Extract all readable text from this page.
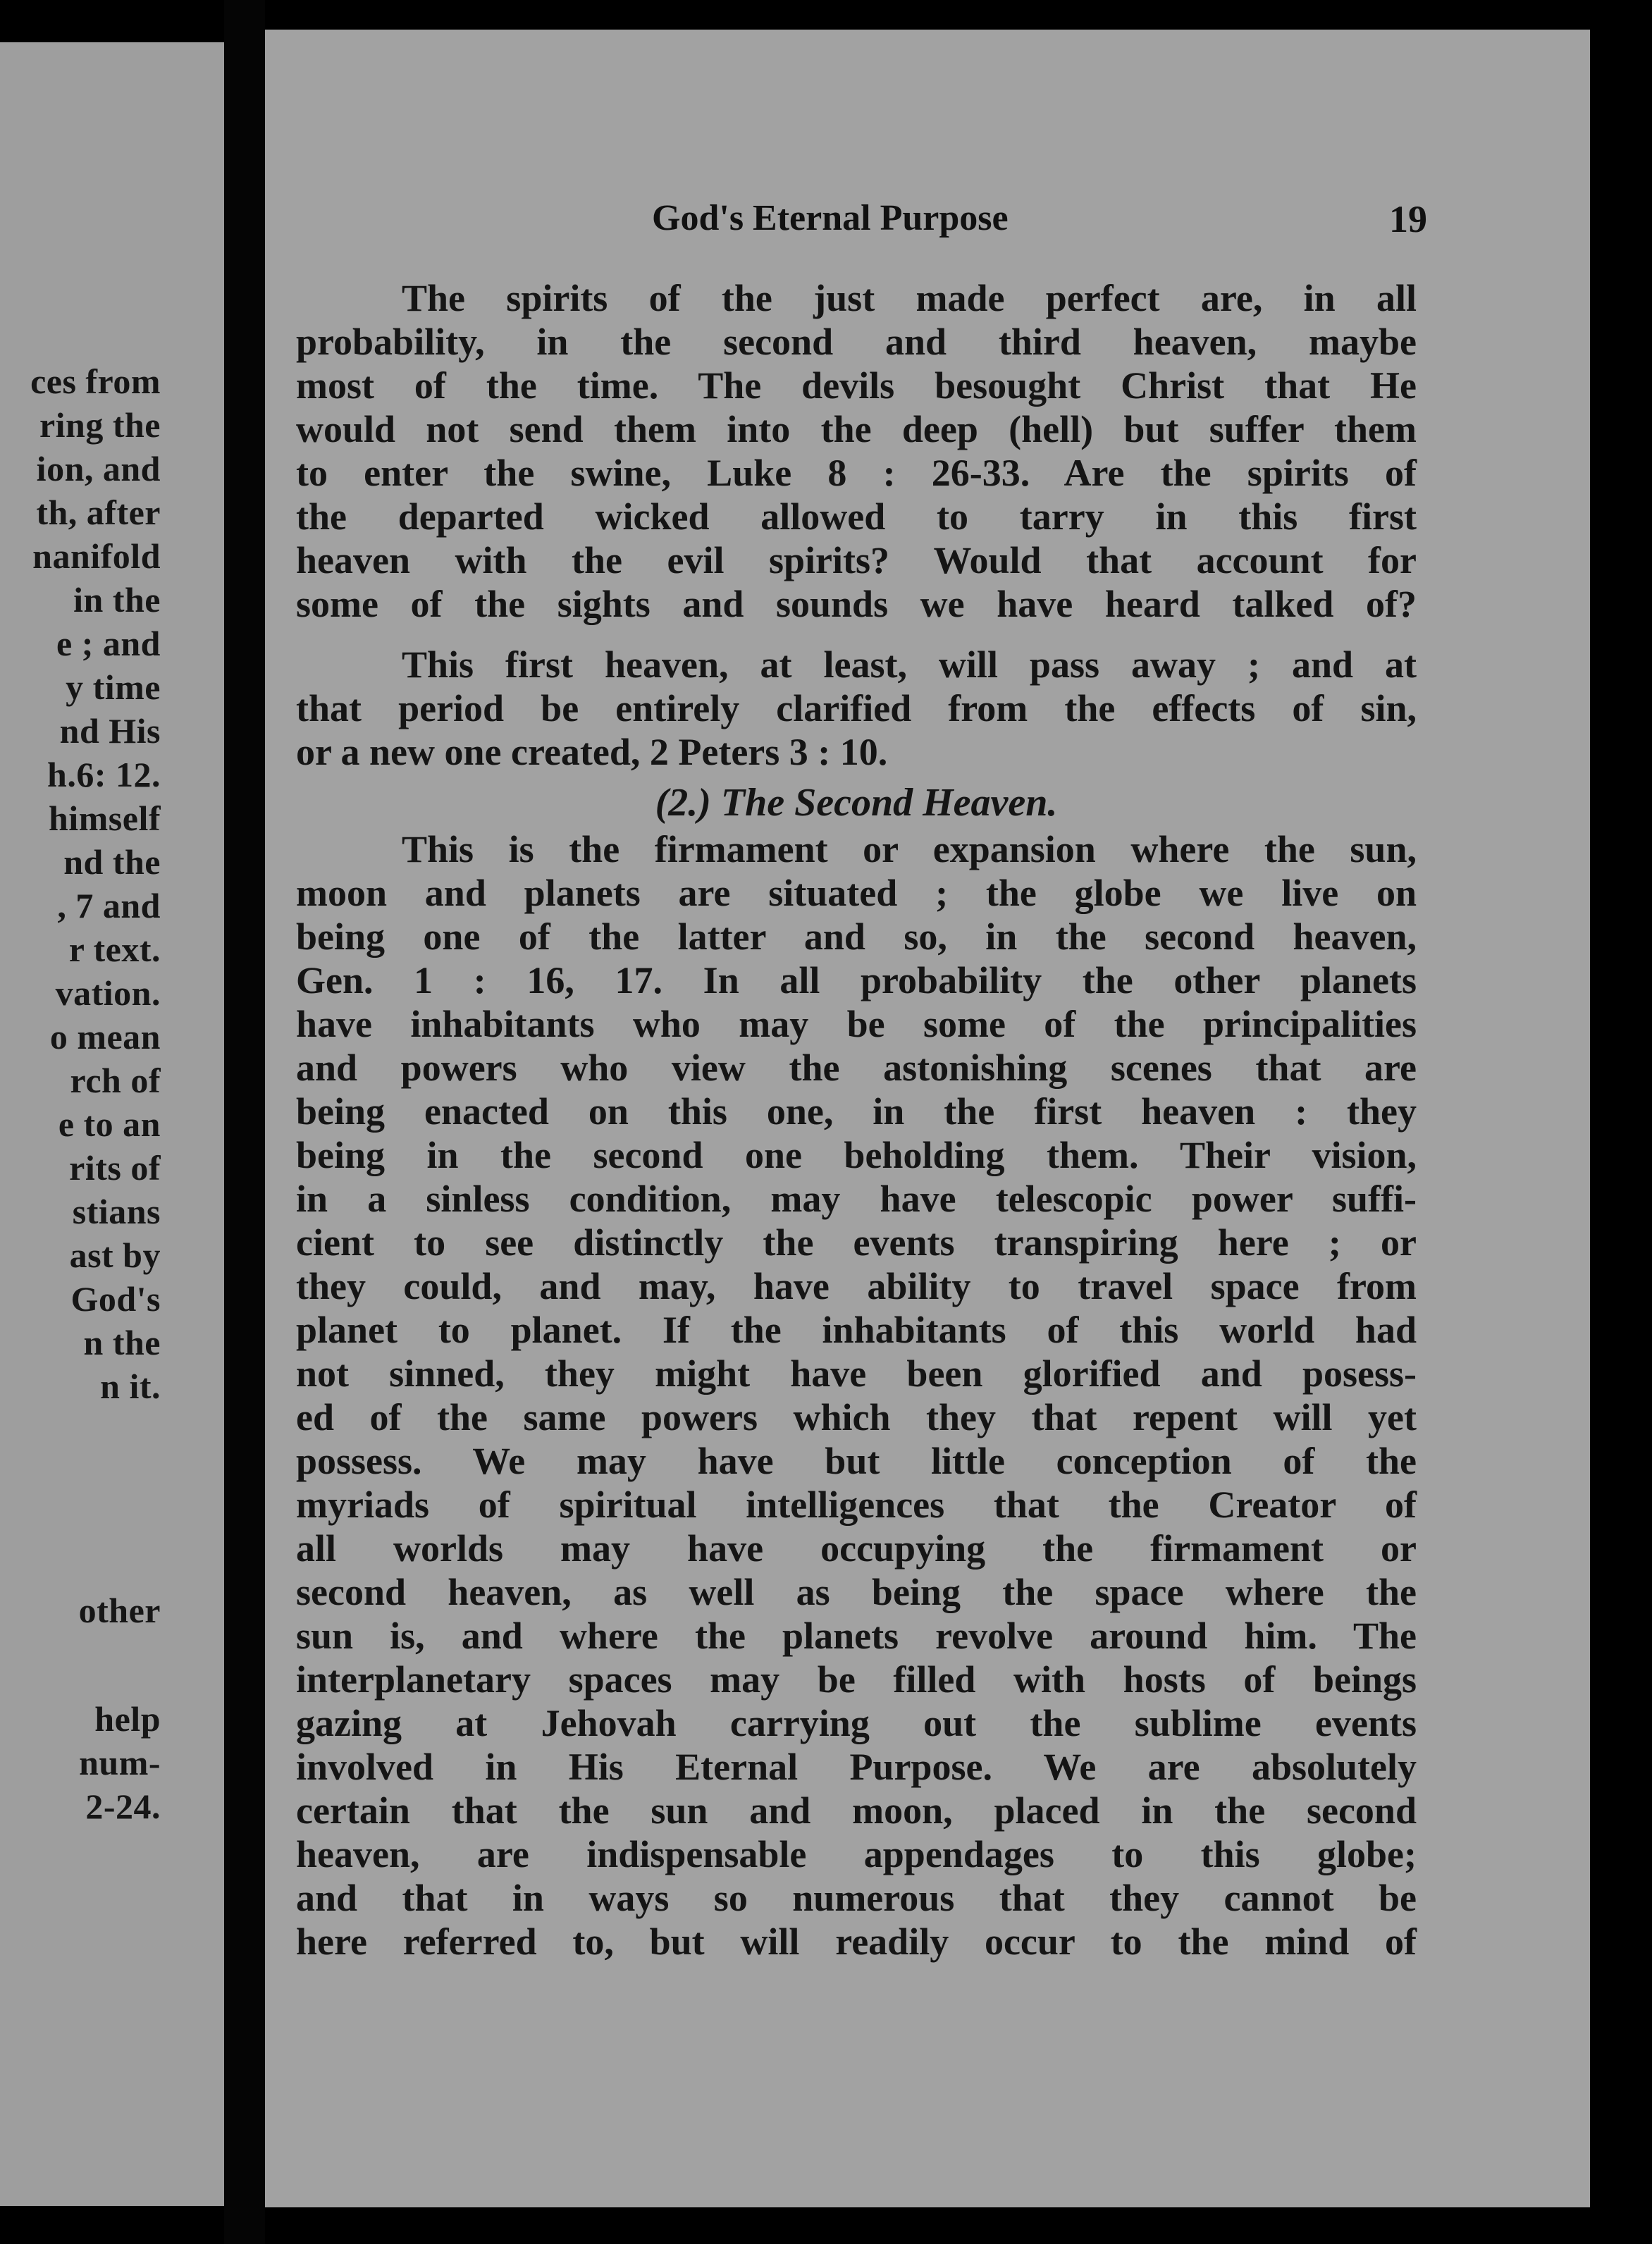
ces from
ring the
ion, and
th, after
nanifold
in the
e ; and
y time
nd His
h.6: 12.
himself
nd the
, 7 and
r text.
vation.
o mean
rch of
e to an
rits of
stians
ast by
God's
n the
n it.
other
help
num-
2-24.
God's Eternal Purpose	19
The spirits of the just made perfect are, in all
probability, in the second and third heaven, maybe
most of the time. The devils besought Christ that He
would not send them into the deep (hell) but suffer them
to enter the swine, Luke 8 : 26-33. Are the spirits of
the departed wicked allowed to tarry in this first
heaven with the evil spirits? Would that account for
some of the sights and sounds we have heard talked of?
This first heaven, at least, will pass away ; and at
that period be entirely clarified from the effects of sin,
or a new one created, 2 Peters 3 : 10.
(2.) The Second Heaven.
This is the firmament or expansion where the sun,
moon and planets are situated ; the globe we live on
being one of the latter and so, in the second heaven,
Gen. 1 : 16, 17. In all probability the other planets
have inhabitants who may be some of the principalities
and powers who view the astonishing scenes that are
being enacted on this one, in the first heaven : they
being in the second one beholding them. Their vision,
in a sinless condition, may have telescopic power suffi-
cient to see distinctly the events transpiring here ; or
they could, and may, have ability to travel space from
planet to planet. If the inhabitants of this world had
not sinned, they might have been glorified and posess-
ed of the same powers which they that repent will yet
possess. We may have but little conception of the
myriads of spiritual intelligences that the Creator of
all worlds may have occupying the firmament or
second heaven, as well as being the space where the
sun is, and where the planets revolve around him. The
interplanetary spaces may be filled with hosts of beings
gazing at Jehovah carrying out the sublime events
involved in His Eternal Purpose. We are absolutely
certain that the sun and moon, placed in the second
heaven, are indispensable appendages to this globe;
and that in ways so numerous that they cannot be
here referred to, but will readily occur to the mind of
